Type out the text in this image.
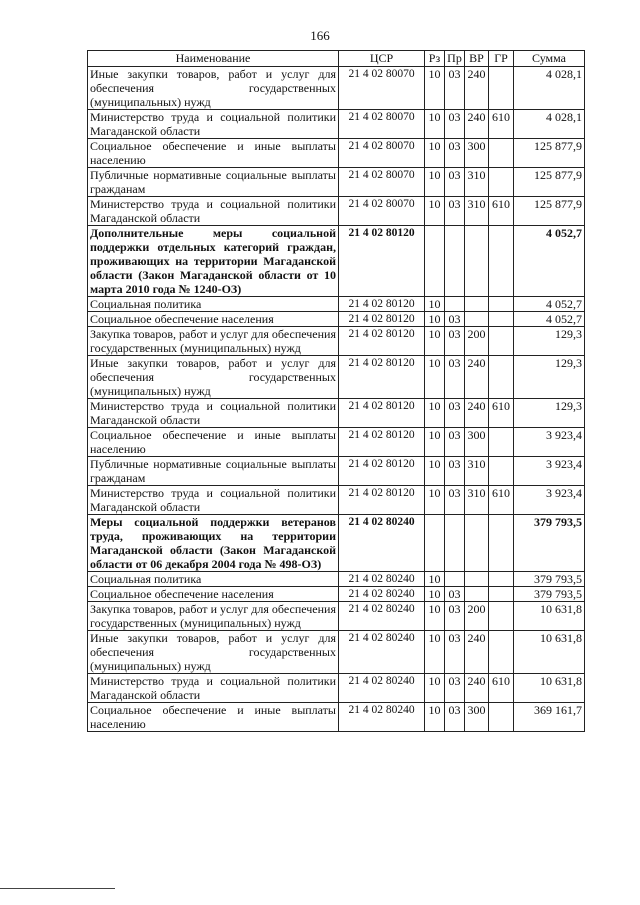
166
Наименование	ЦСР	Рз	Пр	ВР	ГР	Сумма
Иные закупки товаров, работ и услуг для обеспечения государственных (муниципальных) нужд	21 4 02 80070	10	03	240		4 028,1
Министерство труда и социальной политики Магаданской области	21 4 02 80070	10	03	240	610	4 028,1
Социальное обеспечение и иные выплаты населению	21 4 02 80070	10	03	300		125 877,9
Публичные нормативные социальные выплаты гражданам	21 4 02 80070	10	03	310		125 877,9
Министерство труда и социальной политики Магаданской области	21 4 02 80070	10	03	310	610	125 877,9
Дополнительные меры социальной поддержки отдельных категорий граждан, проживающих на территории Магаданской области (Закон Магаданской области от 10 марта 2010 года № 1240-ОЗ)	21 4 02 80120					4 052,7
Социальная политика	21 4 02 80120	10				4 052,7
Социальное обеспечение населения	21 4 02 80120	10	03			4 052,7
Закупка товаров, работ и услуг для обеспечения государственных (муниципальных) нужд	21 4 02 80120	10	03	200		129,3
Иные закупки товаров, работ и услуг для обеспечения государственных (муниципальных) нужд	21 4 02 80120	10	03	240		129,3
Министерство труда и социальной политики Магаданской области	21 4 02 80120	10	03	240	610	129,3
Социальное обеспечение и иные выплаты населению	21 4 02 80120	10	03	300		3 923,4
Публичные нормативные социальные выплаты гражданам	21 4 02 80120	10	03	310		3 923,4
Министерство труда и социальной политики Магаданской области	21 4 02 80120	10	03	310	610	3 923,4
Меры социальной поддержки ветеранов труда, проживающих на территории Магаданской области (Закон Магаданской области от 06 декабря 2004 года № 498-ОЗ)	21 4 02 80240					379 793,5
Социальная политика	21 4 02 80240	10				379 793,5
Социальное обеспечение населения	21 4 02 80240	10	03			379 793,5
Закупка товаров, работ и услуг для обеспечения государственных (муниципальных) нужд	21 4 02 80240	10	03	200		10 631,8
Иные закупки товаров, работ и услуг для обеспечения государственных (муниципальных) нужд	21 4 02 80240	10	03	240		10 631,8
Министерство труда и социальной политики Магаданской области	21 4 02 80240	10	03	240	610	10 631,8
Социальное обеспечение и иные выплаты населению	21 4 02 80240	10	03	300		369 161,7
